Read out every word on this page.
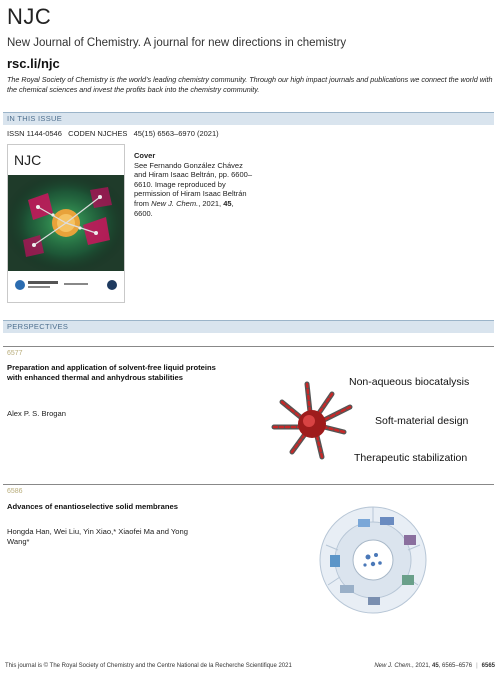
NJC
New Journal of Chemistry. A journal for new directions in chemistry
rsc.li/njc
The Royal Society of Chemistry is the world’s leading chemistry community. Through our high impact journals and publications we connect the world with the chemical sciences and invest the profits back into the chemistry community.
IN THIS ISSUE
ISSN 1144-0546   CODEN NJCHES   45(15) 6563–6970 (2021)
NJC	Cover
See Fernando González Chávez and Hiram Isaac Beltrán, pp. 6600–6610. Image reproduced by permission of Hiram Isaac Beltrán from New J. Chem., 2021, 45, 6600.
PERSPECTIVES
6577
Preparation and application of solvent-free liquid proteins with enhanced thermal and anhydrous stabilities
Alex P. S. Brogan
Non-aqueous biocatalysis
Soft-material design
Therapeutic stabilization
6586
Advances of enantioselective solid membranes
Hongda Han, Wei Liu, Yin Xiao,* Xiaofei Ma and Yong Wang*
This journal is © The Royal Society of Chemistry and the Centre National de la Recherche Scientifique 2021	New J. Chem., 2021, 45, 6565–6576 | 6565
